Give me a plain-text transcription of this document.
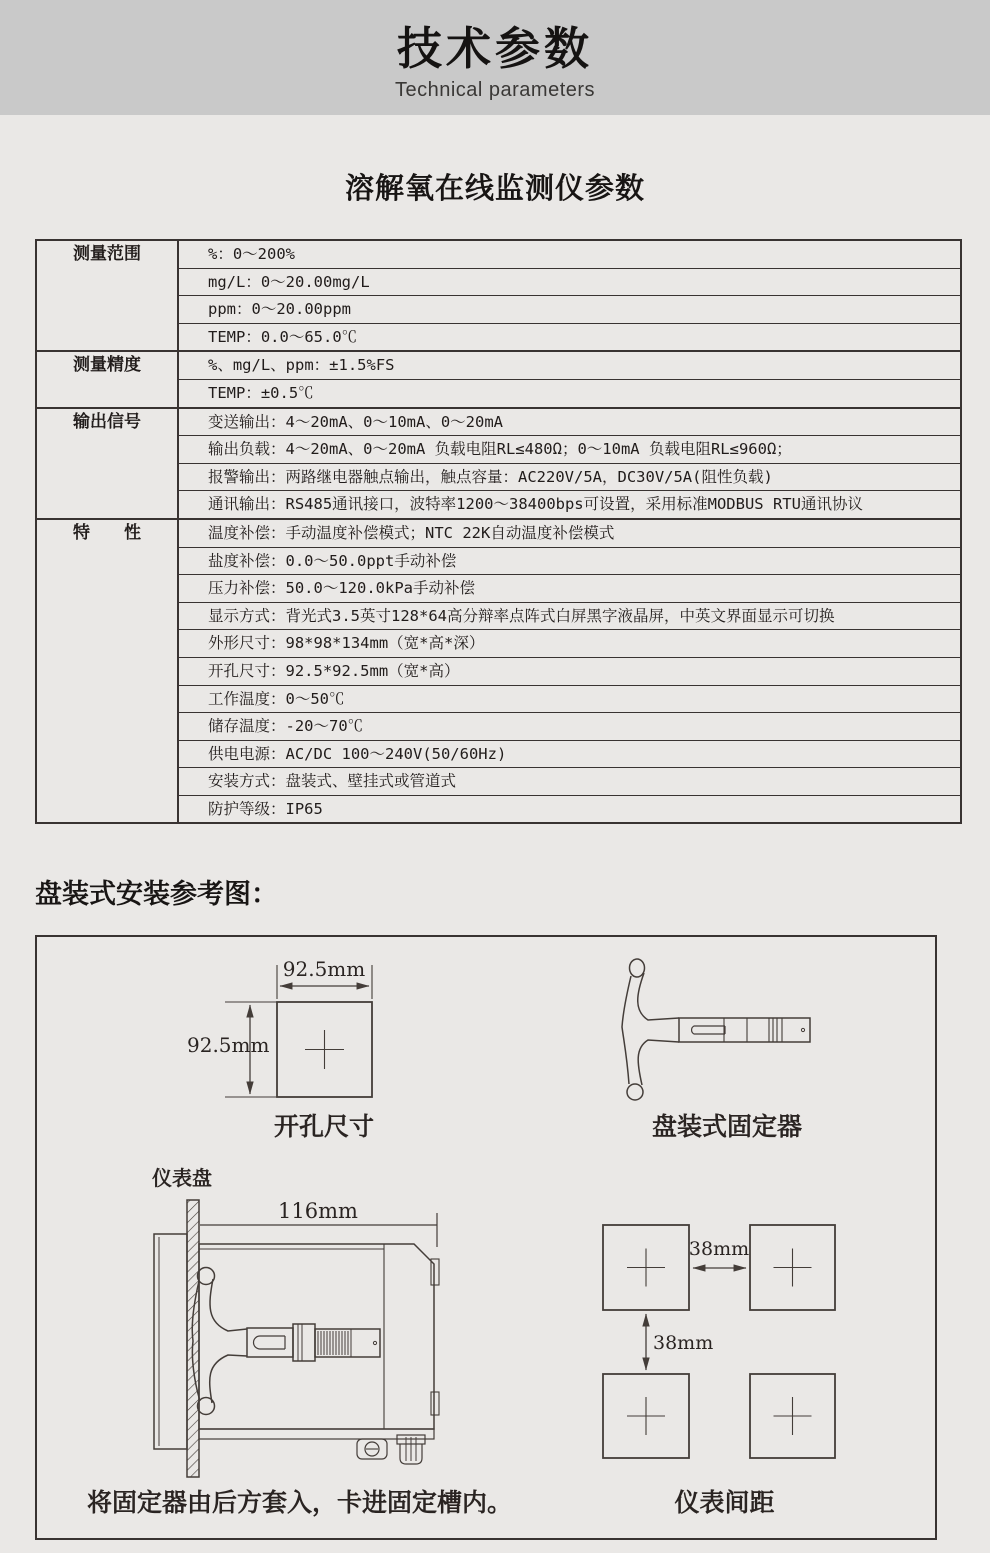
技术参数

Technical parameters

溶解氧在线监测仪参数
测量范围	%：0～200%
mg/L：0～20.00mg/L
ppm：0～20.00ppm
TEMP：0.0～65.0℃
测量精度	%、mg/L、ppm：±1.5%FS
TEMP：±0.5℃
输出信号	变送输出：4～20mA、0～10mA、0～20mA
输出负载：4～20mA、0～20mA 负载电阻RL≤480Ω；0～10mA 负载电阻RL≤960Ω；
报警输出：两路继电器触点输出，触点容量：AC220V/5A，DC30V/5A(阻性负载)
通讯输出：RS485通讯接口，波特率1200～38400bps可设置，采用标准MODBUS RTU通讯协议
特　　性	温度补偿：手动温度补偿模式；NTC 22K自动温度补偿模式
盐度补偿：0.0～50.0ppt手动补偿
压力补偿：50.0～120.0kPa手动补偿
显示方式：背光式3.5英寸128*64高分辩率点阵式白屏黑字液晶屏，中英文界面显示可切换
外形尺寸：98*98*134mm（宽*高*深）
开孔尺寸：92.5*92.5mm（宽*高）
工作温度：0～50℃
储存温度：-20～70℃
供电电源：AC/DC 100～240V(50/60Hz)
安装方式：盘装式、壁挂式或管道式
防护等级：IP65
盘装式安装参考图：
92.5mm
92.5mm
开孔尺寸	盘装式固定器
仪表盘
116mm
38mm
38mm
仪表间距
将固定器由后方套入，卡进固定槽内。
